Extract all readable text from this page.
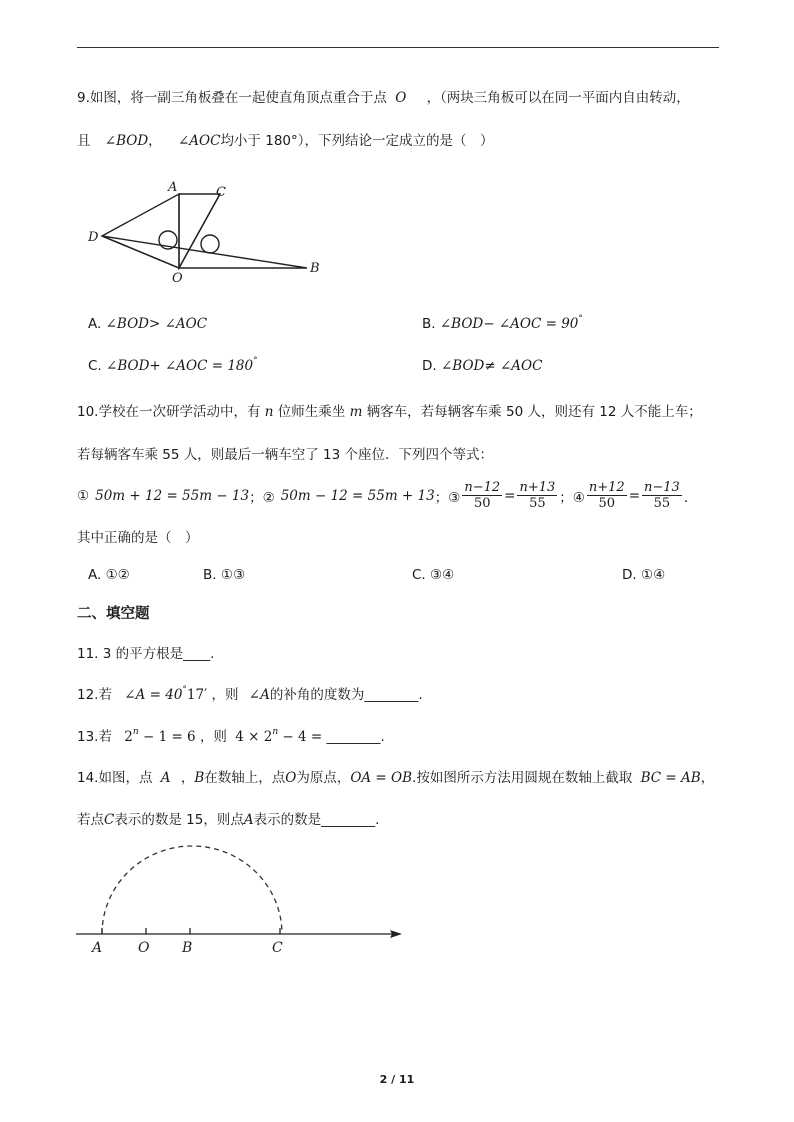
9.如图，将一副三角板叠在一起使直角顶点重合于点 O ，（两块三角板可以在同一平面内自由转动，
且 ∠BOD， ∠AOC均小于 180°），下列结论一定成立的是（　）
A	C
D
O
B
A. ∠BOD> ∠AOC	B. ∠BOD− ∠AOC = 90°
C. ∠BOD+ ∠AOC = 180°	D. ∠BOD≠ ∠AOC
10.学校在一次研学活动中，有 n 位师生乘坐 m 辆客车，若每辆客车乘 50 人，则还有 12 人不能上车；
若每辆客车乘 55 人，则最后一辆车空了 13 个座位．下列四个等式：
① 50m + 12 = 55m − 13 ；② 50m − 12 = 55m + 13 ；③ $\frac{n-12}{50} = \frac{n+13}{55}$ ；④ $\frac{n+12}{50} = \frac{n-13}{55}$ ．
其中正确的是（　）
A. ①②	B. ①③	C. ③④	D. ①④
二、填空题
11. 3 的平方根是____.
12.若 ∠A = 40°17′ ，则 ∠A的补角的度数为________.
13.若 $2^n - 1 = 6$ ，则 $4 \times 2^n - 4$ = ________.
14.如图，点 A ，B在数轴上，点O为原点，OA = OB.按如图所示方法用圆规在数轴上截取 BC = AB，
若点C表示的数是 15，则点A表示的数是________.
A	O B	C
2 / 11
